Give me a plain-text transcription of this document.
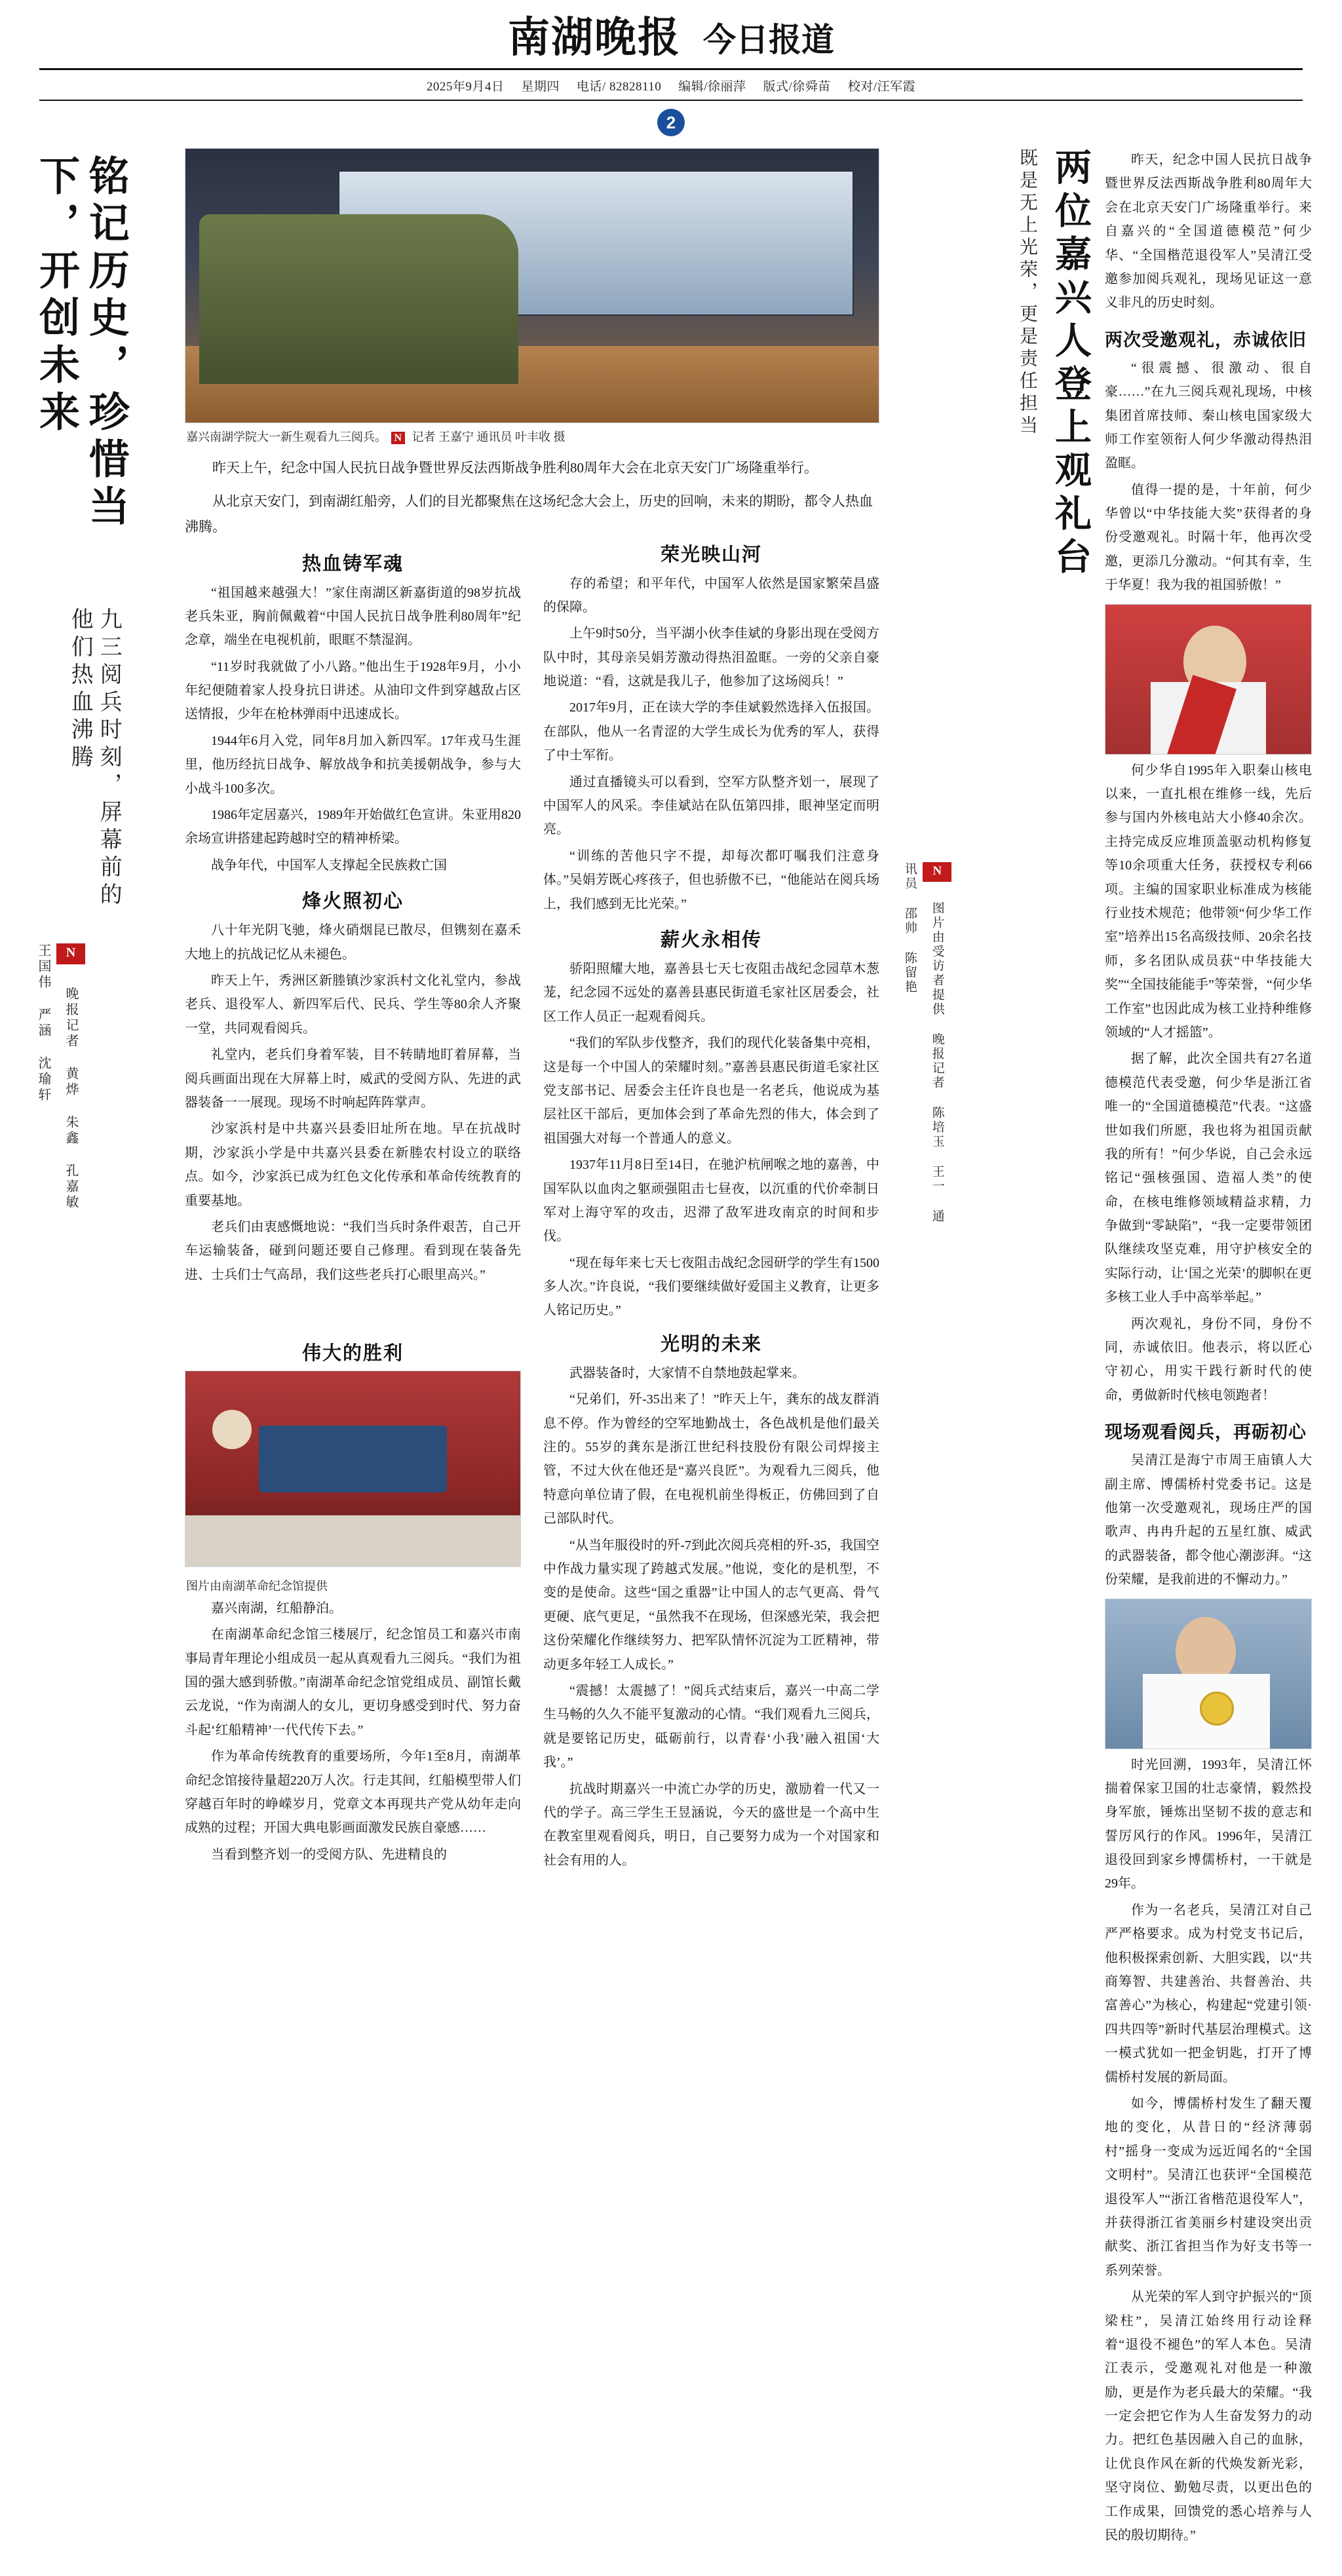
南湖晚报 今日报道
2025年9月4日 星期四 电话/ 82828110 编辑/徐丽萍 版式/徐舜苗 校对/汪军霞
2
铭记历史，珍惜当下，开创未来
九三阅兵时刻，屏幕前的他们热血沸腾
N 晚报记者 黄烨 朱鑫 孔嘉敏 王国伟 严涵 沈瑜轩
嘉兴南湖学院大一新生观看九三阅兵。 N 记者 王嘉宁 通讯员 叶丰收 摄

昨天上午，纪念中国人民抗日战争暨世界反法西斯战争胜利80周年大会在北京天安门广场隆重举行。

从北京天安门，到南湖红船旁，人们的目光都聚焦在这场纪念大会上，历史的回响，未来的期盼，都令人热血沸腾。

热血铸军魂

“祖国越来越强大！”家住南湖区新嘉街道的98岁抗战老兵朱亚，胸前佩戴着“中国人民抗日战争胜利80周年”纪念章，端坐在电视机前，眼眶不禁湿润。

“11岁时我就做了小八路。”他出生于1928年9月，小小年纪便随着家人投身抗日讲述。从油印文件到穿越敌占区送情报，少年在枪林弹雨中迅速成长。

1944年6月入党，同年8月加入新四军。17年戎马生涯里，他历经抗日战争、解放战争和抗美援朝战争，参与大小战斗100多次。

1986年定居嘉兴，1989年开始做红色宣讲。朱亚用820余场宣讲搭建起跨越时空的精神桥梁。

战争年代，中国军人支撑起全民族救亡国

烽火照初心

八十年光阴飞驰，烽火硝烟昆已散尽，但镌刻在嘉禾大地上的抗战记忆从未褪色。

昨天上午，秀洲区新塍镇沙家浜村文化礼堂内，参战老兵、退役军人、新四军后代、民兵、学生等80余人齐聚一堂，共同观看阅兵。

礼堂内，老兵们身着军装，目不转睛地盯着屏幕，当阅兵画面出现在大屏幕上时，威武的受阅方队、先进的武器装备一一展现。现场不时响起阵阵掌声。

沙家浜村是中共嘉兴县委旧址所在地。早在抗战时期，沙家浜小学是中共嘉兴县委在新塍农村设立的联络点。如今，沙家浜已成为红色文化传承和革命传统教育的重要基地。

老兵们由衷感慨地说：“我们当兵时条件艰苦，自己开车运输装备，碰到问题还要自己修理。看到现在装备先进、士兵们士气高昂，我们这些老兵打心眼里高兴。”

荣光映山河

存的希望；和平年代，中国军人依然是国家繁荣昌盛的保障。

上午9时50分，当平湖小伙李佳斌的身影出现在受阅方队中时，其母亲吴娟芳激动得热泪盈眶。一旁的父亲自豪地说道：“看，这就是我儿子，他参加了这场阅兵！”

2017年9月，正在读大学的李佳斌毅然选择入伍报国。在部队，他从一名青涩的大学生成长为优秀的军人，获得了中士军衔。

通过直播镜头可以看到，空军方队整齐划一，展现了中国军人的风采。李佳斌站在队伍第四排，眼神坚定而明亮。

“训练的苦他只字不提，却每次都叮嘱我们注意身体。”吴娟芳既心疼孩子，但也骄傲不已，“他能站在阅兵场上，我们感到无比光荣。”

薪火永相传

骄阳照耀大地，嘉善县七天七夜阻击战纪念园草木葱茏，纪念园不远处的嘉善县惠民街道毛家社区居委会，社区工作人员正一起观看阅兵。

“我们的军队步伐整齐，我们的现代化装备集中亮相，这是每一个中国人的荣耀时刻。”嘉善县惠民街道毛家社区党支部书记、居委会主任许良也是一名老兵，他说成为基层社区干部后，更加体会到了革命先烈的伟大，体会到了祖国强大对每一个普通人的意义。

1937年11月8日至14日，在驰沪杭闸喉之地的嘉善，中国军队以血肉之躯顽强阻击七昼夜，以沉重的代价牵制日军对上海守军的攻击，迟滞了敌军进攻南京的时间和步伐。

“现在每年来七天七夜阻击战纪念园研学的学生有1500多人次。”许良说，“我们要继续做好爱国主义教育，让更多人铭记历史。”

伟大的胜利
图片由南湖革命纪念馆提供

嘉兴南湖，红船静泊。

在南湖革命纪念馆三楼展厅，纪念馆员工和嘉兴市南事局青年理论小组成员一起从真观看九三阅兵。“我们为祖国的强大感到骄傲。”南湖革命纪念馆党组成员、副馆长戴云龙说，“作为南湖人的女儿，更切身感受到时代、努力奋斗起‘红船精神’一代代传下去。”

作为革命传统教育的重要场所，今年1至8月，南湖革命纪念馆接待量超220万人次。行走其间，红船模型带人们穿越百年时的峥嵘岁月，党章文本再现共产党从幼年走向成熟的过程；开国大典电影画面激发民族自豪感……

当看到整齐划一的受阅方队、先进精良的

光明的未来

武器装备时，大家情不自禁地鼓起掌来。

“兄弟们，歼-35出来了！”昨天上午，龚东的战友群消息不停。作为曾经的空军地勤战士，各色战机是他们最关注的。55岁的龚东是浙江世纪科技股份有限公司焊接主管，不过大伙在他还是“嘉兴良匠”。为观看九三阅兵，他特意向单位请了假，在电视机前坐得板正，仿佛回到了自己部队时代。

“从当年服役时的歼-7到此次阅兵亮相的歼-35，我国空中作战力量实现了跨越式发展。”他说，变化的是机型，不变的是使命。这些“国之重器”让中国人的志气更高、骨气更硬、底气更足，“虽然我不在现场，但深感光荣，我会把这份荣耀化作继续努力、把军队情怀沉淀为工匠精神，带动更多年轻工人成长。”

“震撼！太震撼了！”阅兵式结束后，嘉兴一中高二学生马畅的久久不能平复激动的心情。“我们观看九三阅兵，就是要铭记历史，砥砺前行，以青春‘小我’融入祖国‘大我’。”

抗战时期嘉兴一中流亡办学的历史，激励着一代又一代的学子。高三学生王昱涵说，今天的盛世是一个高中生在教室里观看阅兵，明日，自己要努力成为一个对国家和社会有用的人。

既是无上光荣，更是责任担当 两位嘉兴人登上观礼台
N 图片由受访者提供 晚报记者 陈培玉 王一 通讯员 邵帅 陈留艳

昨天，纪念中国人民抗日战争暨世界反法西斯战争胜利80周年大会在北京天安门广场隆重举行。来自嘉兴的“全国道德模范”何少华、“全国楷范退役军人”吴清江受邀参加阅兵观礼，现场见证这一意义非凡的历史时刻。

两次受邀观礼，赤诚依旧

“很震撼、很激动、很自豪……”在九三阅兵观礼现场，中核集团首席技师、秦山核电国家级大师工作室领衔人何少华激动得热泪盈眶。

值得一提的是，十年前，何少华曾以“中华技能大奖”获得者的身份受邀观礼。时隔十年，他再次受邀，更添几分激动。“何其有幸，生于华夏！我为我的祖国骄傲！”

何少华自1995年入职秦山核电以来，一直扎根在维修一线，先后参与国内外核电站大小修40余次。主持完成反应堆顶盖驱动机构修复等10余项重大任务，获授权专利66项。主编的国家职业标准成为核能行业技术规范；他带领“何少华工作室”培养出15名高级技师、20余名技师，多名团队成员获“中华技能大奖”“全国技能能手”等荣誉，“何少华工作室”也因此成为核工业持种维修领域的“人才摇篮”。

据了解，此次全国共有27名道德模范代表受邀，何少华是浙江省唯一的“全国道德模范”代表。“这盛世如我们所愿，我也将为祖国贡献我的所有！”何少华说，自己会永远铭记“强核强国、造福人类”的使命，在核电维修领域精益求精，力争做到“零缺陷”，“我一定要带领团队继续攻坚克难，用守护核安全的实际行动，让‘国之光荣’的脚帜在更多核工业人手中高举举起。”

两次观礼，身份不同，身份不同，赤诚依旧。他表示，将以匠心守初心，用实干践行新时代的使命，勇做新时代核电领跑者！

现场观看阅兵，再砺初心

吴清江是海宁市周王庙镇人大副主席、博儒桥村党委书记。这是他第一次受邀观礼，现场庄严的国歌声、冉冉升起的五星红旗、威武的武器装备，都令他心潮澎湃。“这份荣耀，是我前进的不懈动力。”

时光回溯，1993年，吴清江怀揣着保家卫国的壮志豪情，毅然投身军旅，锤炼出坚韧不拔的意志和誓厉风行的作风。1996年，吴清江退役回到家乡博儒桥村，一干就是29年。

作为一名老兵，吴清江对自己严严格要求。成为村党支书记后，他积极探索创新、大胆实践，以“共商筹智、共建善治、共督善治、共富善心”为核心，构建起“党建引领·四共四等”新时代基层治理模式。这一模式犹如一把金钥匙，打开了博儒桥村发展的新局面。

如今，博儒桥村发生了翻天覆地的变化，从昔日的“经济薄弱村”摇身一变成为远近闻名的“全国文明村”。吴清江也获评“全国模范退役军人”“浙江省楷范退役军人”，并获得浙江省美丽乡村建设突出贡献奖、浙江省担当作为好支书等一系列荣誉。

从光荣的军人到守护振兴的“顶梁柱”，吴清江始终用行动诠释着“退役不褪色”的军人本色。吴清江表示，受邀观礼对他是一种激励，更是作为老兵最大的荣耀。“我一定会把它作为人生奋发努力的动力。把红色基因融入自己的血脉，让优良作风在新的代焕发新光彩，坚守岗位、勤勉尽责，以更出色的工作成果，回馈党的悉心培养与人民的殷切期待。”
